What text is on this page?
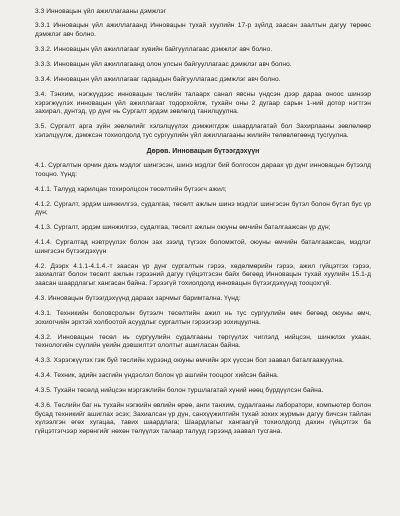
3.3 Инновацын үйл ажиллагааны дэмжлэг

3.3.1 Инновацын үйл ажиллагаанд Инновацын тухай хуулийн 17-р зүйлд заасан заалтын дагуу төрөөс дэмжлэг авч болно.

3.3.2. Инновацын үйл ажиллагааг хувийн байгууллагаас дэмжлэг авч болно.

3.3.3. Инновацын үйл ажиллагаанд олон улсын байгууллагаас дэмжлэг авч болно.

3.3.4. Инновацын үйл ажиллагааг гадаадын байгууллагаас дэмжлэг авч болно.

3.4. Тэнхим, нэгжүүдээс инновацын төслийн талаарх санал явсны үндсэн дээр дараа оноос шинээр хэрэгжүүлэх инновацын үйл ажиллагааг тодорхойлж, тухайн оны 2 дугаар сарын 1-ний дотор нэгтгэн захирал, дунтэд, үр дүнг нь Сургалт эрдэм зөвлөлд танилцуулна.

3.5. Сургалт арга зүйн зөвлөлийг хэлэлцүүлэх дэмжиггдэж шаардлагатай бол Захирлааны зөвлөлөөр хэлэлцүүлж, дэмжсэн тохиолдолд тус сургуулийн үйл ажиллагааны жилийн төлөвлөгөөнд тусгуулна.

Дөрөв. Инновацын бүтээгдэхүүн

4.1. Сургалтын орчин дахь мэдлэг шингэсэн, шинэ мэдлэг бий болгосон дараах үр дүнг инновацын бүтээлд тооцно. Үүнд:

4.1.1. Талууд харилцан тохиролцсон төсөлтийн бүтээгч ажил;

4.1.2. Сургалт, эрдэм шинжилгээ, судалгаа, төсөлт ажлын шинэ мэдлэг шингэсэн бүтэл болон бүтэл бус үр дүн;

4.1.3. Сургалт, эрдэм шинжилгээ, судалгаа, төсөлт ажлын оюуны өмчийн баталгаажсан үр дүн;

4.1.4. Сургалтад нэвтрүүлэх болон зах зээлд түгээх боломжтой, оюуны өмчийн баталгаажсан, мэдлэг шингэсэн бүтээгдэхүүн

4.2. Дээрх 4.1.1-4.1.4.-т заасан үр дүнг сургалтын гэрээ, хөдөлмөрийн гэрээ, ажил гүйцэтгэх гэрээ, захиалгат болон төсөлт ажлын гэрээний дагуу гүйцэтгэсэн байх бөгөөд Инновацын тухай хуулийн 15.1-д заасан шаардлагыг хангасан байна. Гэрээгүй тохиолдолд инновацын бүтээгдэхүүнд тооцохгүй.

4.3. Инновацын бүтээгдэхүүнд дараах зарчмыг баримтална. Үүнд:

4.3.1. Техникийн боловсролын бүтээлч төсөлтийн ажил нь тус сургуулийн өмч бөгөөд оюуны өмч, зохиогчийн эрхтэй холбоотой асуудлыг сургалтын гэрээгээр зохицуулна.

4.3.2. Инновацын төсөл нь сургуулийн судалгааны төргүүлэх чиглэлд нийцсэн, шинжлэх ухаан, технологийн сүүлийн үеийн дэвшилтэт ололтыг ашигласан байна.

4.3.3. Хэрэгжүүлэх гэж буй төслийн хүрээнд оюуны өмчийн эрх үүссэн бол заавал баталгаажуулна.

4.3.4. Техник, эдийн засгийн үндэслэл болон үр ашгийн тооцоог хийсэн байна.

4.3.5. Тухайн төсөлд нийцсэн мэргэжлийн болон туршлагатай хүний нөөц бүрдүүлсэн байна.

4.3.6. Төслийн баг нь тухайн нэгжийн өвлийн өрөө, анги танхим, судалгааны лаборатори, компьютер болон бусад техникийг ашиглах эсэх; Захиалсан үр дүн, санхүүжилтийн тухай зохих журмын дагуу бичсэн тайлан хүлээлгэн өгөх хугацаа, тавих шаардлага; Шаардлагыг хангаагүй тохиолдолд дахин гүйцэтгэх ба гүйцэтгэгчээр хөрөнгийг нөхөн төлүүлэх талаар талууд гэрээнд заавал тусгана.
